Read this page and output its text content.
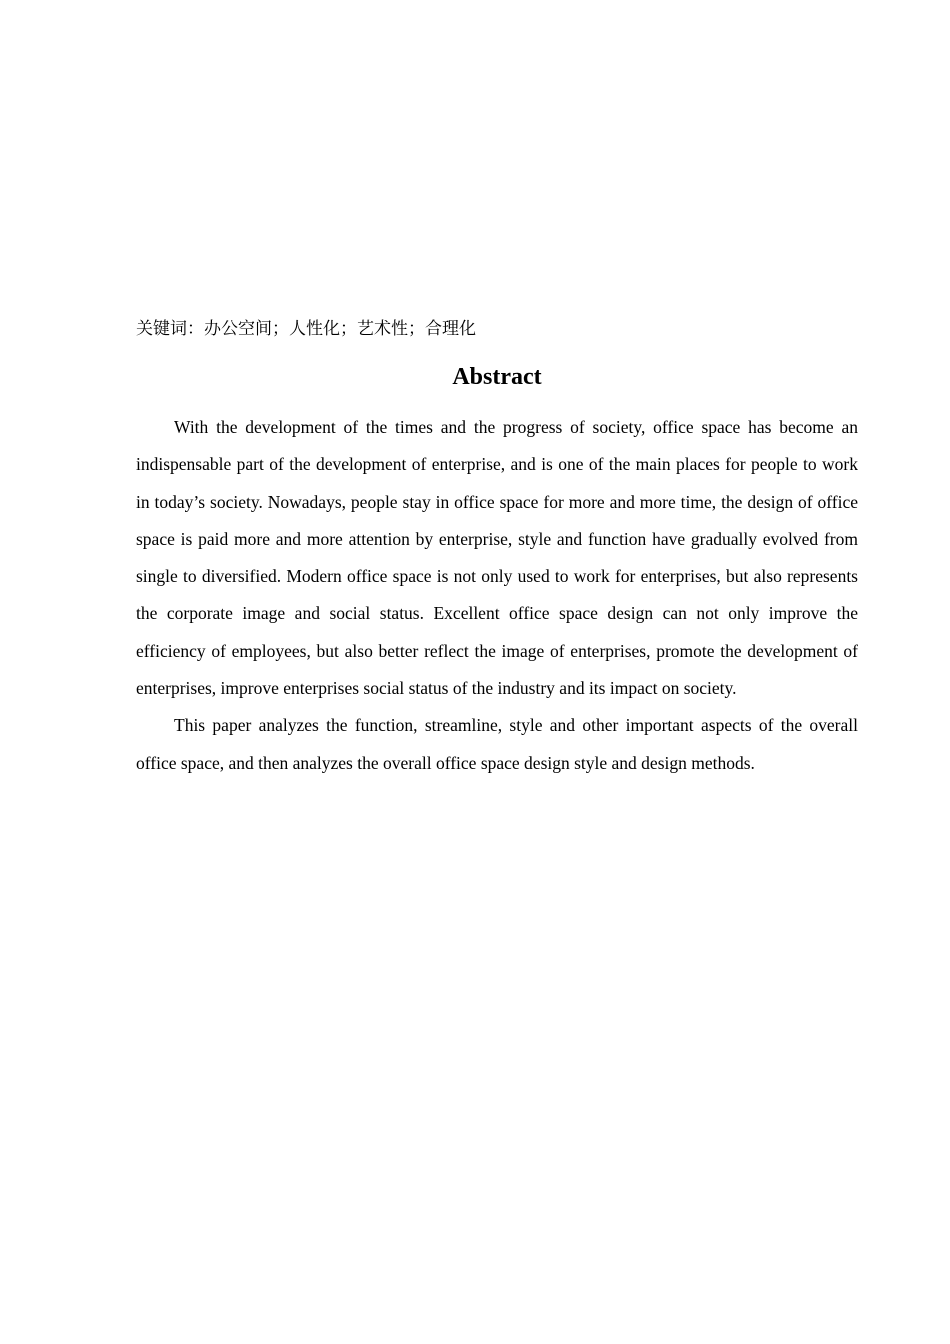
关键词：办公空间；人性化；艺术性；合理化
Abstract

With the development of the times and the progress of society, office space has become an indispensable part of the development of enterprise, and is one of the main places for people to work in today’s society. Nowadays, people stay in office space for more and more time, the design of office space is paid more and more attention by enterprise, style and function have gradually evolved from single to diversified. Modern office space is not only used to work for enterprises, but also represents the corporate image and social status. Excellent office space design can not only improve the efficiency of employees, but also better reflect the image of enterprises, promote the development of enterprises, improve enterprises social status of the industry and its impact on society.

This paper analyzes the function, streamline, style and other important aspects of the overall office space, and then analyzes the overall office space design style and design methods.
